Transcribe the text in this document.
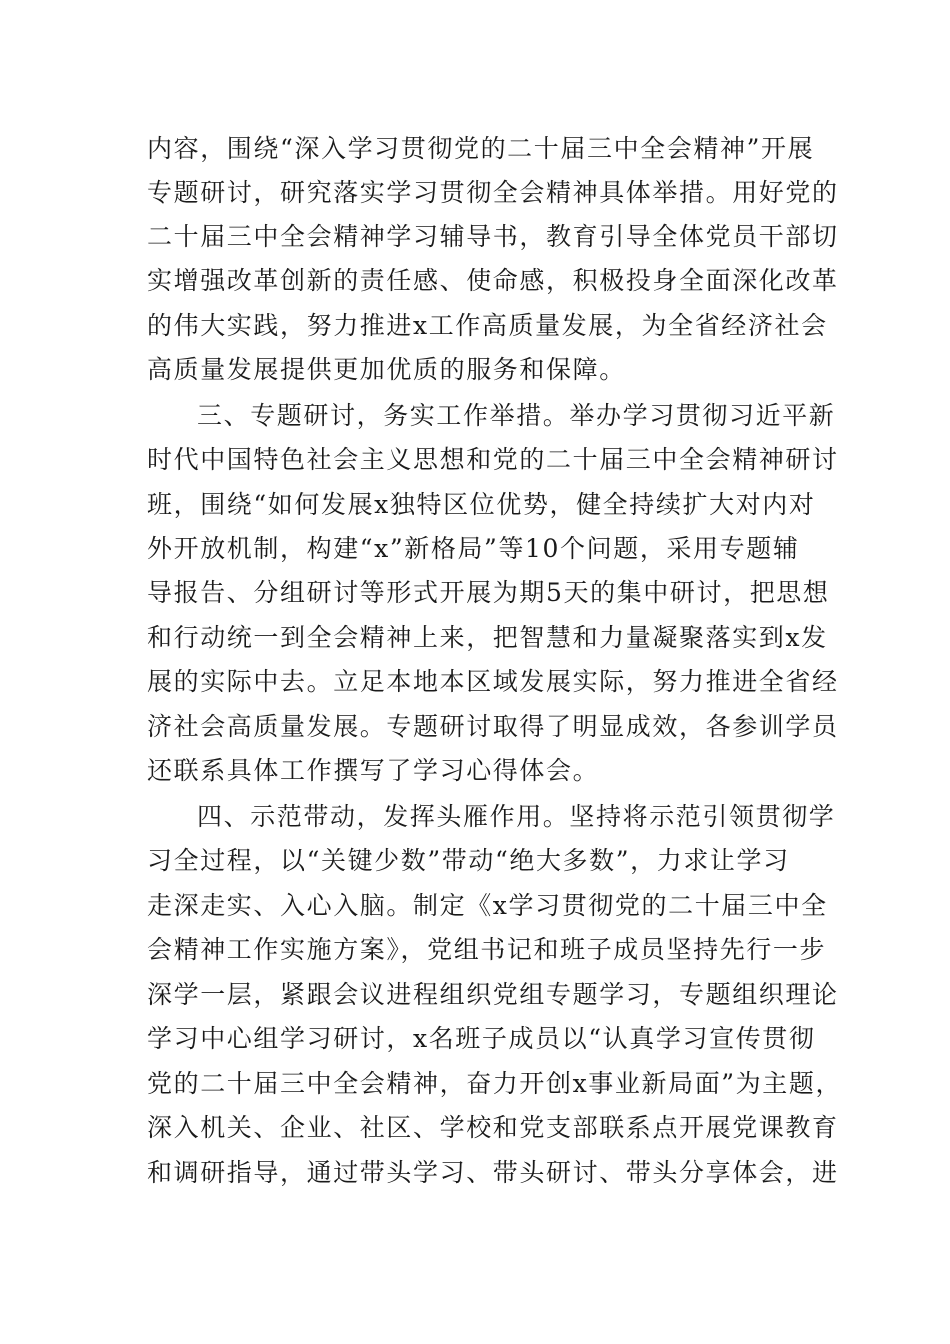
内容，围绕“深入学习贯彻党的二十届三中全会精神”开展
专题研讨，研究落实学习贯彻全会精神具体举措。用好党的
二十届三中全会精神学习辅导书，教育引导全体党员干部切
实增强改革创新的责任感、使命感，积极投身全面深化改革
的伟大实践，努力推进x工作高质量发展，为全省经济社会
高质量发展提供更加优质的服务和保障。
三、专题研讨，务实工作举措。举办学习贯彻习近平新
时代中国特色社会主义思想和党的二十届三中全会精神研讨
班，围绕“如何发展x独特区位优势，健全持续扩大对内对
外开放机制，构建“x”新格局”等10个问题，采用专题辅
导报告、分组研讨等形式开展为期5天的集中研讨，把思想
和行动统一到全会精神上来，把智慧和力量凝聚落实到x发
展的实际中去。立足本地本区域发展实际，努力推进全省经
济社会高质量发展。专题研讨取得了明显成效，各参训学员
还联系具体工作撰写了学习心得体会。
四、示范带动，发挥头雁作用。坚持将示范引领贯彻学
习全过程，以“关键少数”带动“绝大多数”，力求让学习
走深走实、入心入脑。制定《x学习贯彻党的二十届三中全
会精神工作实施方案》，党组书记和班子成员坚持先行一步
深学一层，紧跟会议进程组织党组专题学习，专题组织理论
学习中心组学习研讨，x名班子成员以“认真学习宣传贯彻
党的二十届三中全会精神，奋力开创x事业新局面”为主题，
深入机关、企业、社区、学校和党支部联系点开展党课教育
和调研指导，通过带头学习、带头研讨、带头分享体会，进
